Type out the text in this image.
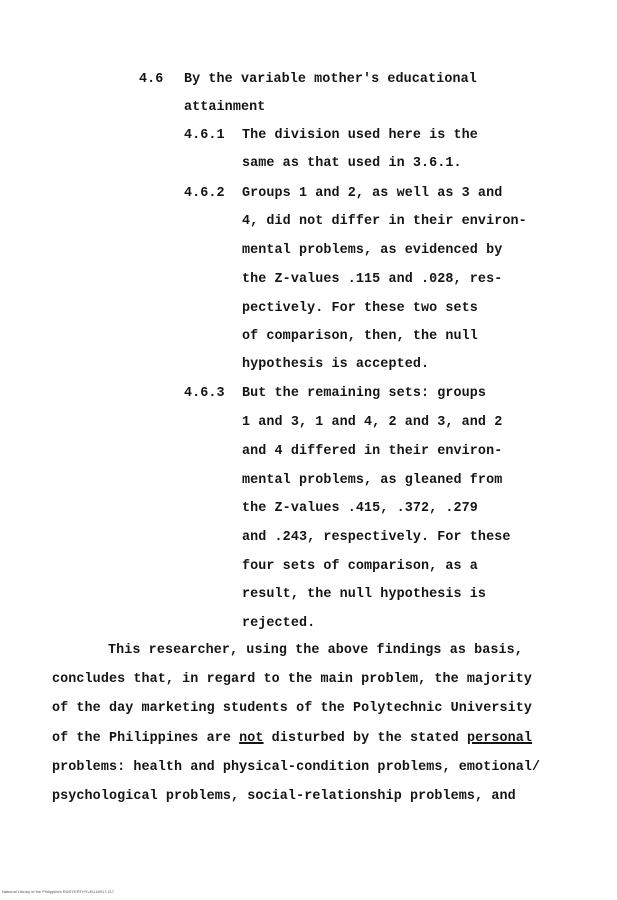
4.6 By the variable mother's educational
attainment
4.6.1 The division used here is the
same as that used in 3.6.1.
4.6.2 Groups 1 and 2, as well as 3 and
4, did not differ in their environ-
mental problems, as evidenced by
the Z-values .115 and .028, res-
pectively. For these two sets
of comparison, then, the null
hypothesis is accepted.
4.6.3 But the remaining sets: groups
1 and 3, 1 and 4, 2 and 3, and 2
and 4 differed in their environ-
mental problems, as gleaned from
the Z-values .415, .372, .279
and .243, respectively. For these
four sets of comparison, as a
result, the null hypothesis is
rejected.
This researcher, using the above findings as basis,
concludes that, in regard to the main problem, the majority
of the day marketing students of the Polytechnic University
of the Philippines are not disturbed by the stated personal
problems: health and physical-condition problems, emotional/
psychological problems, social-relationship problems, and
National Library of the Philippines RUDYERTHYLEU16917-117
